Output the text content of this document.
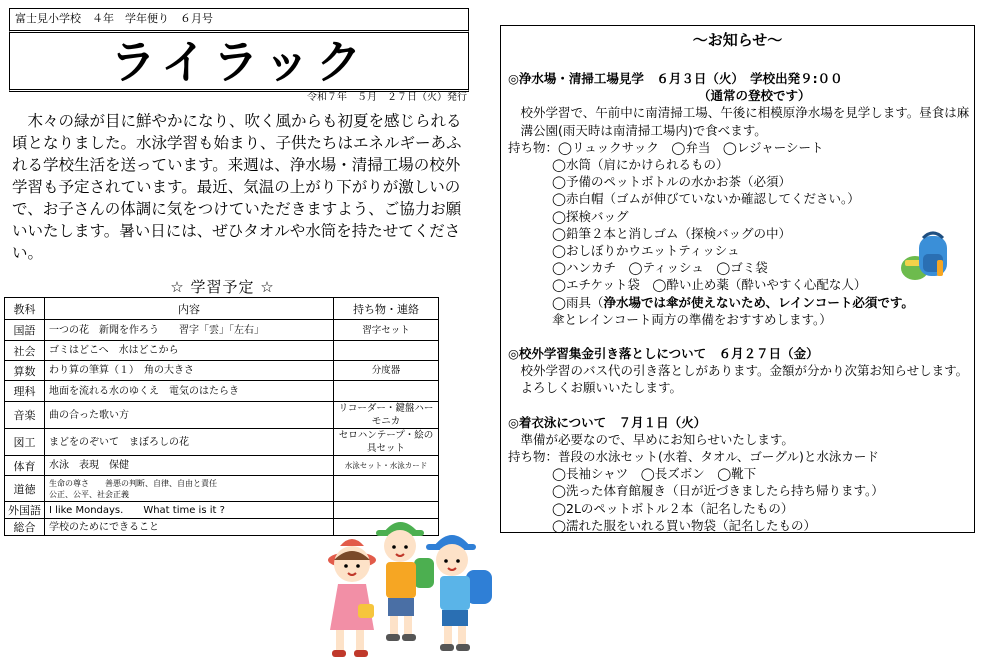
富士見小学校　４年　学年便り　６月号
ライラック
令和７年　５月　２７日（火）発行
木々の緑が目に鮮やかになり、吹く風からも初夏を感じられる頃となりました。水泳学習も始まり、子供たちはエネルギーあふれる学校生活を送っています。来週は、浄水場・清掃工場の校外学習も予定されています。最近、気温の上がり下がりが激しいので、お子さんの体調に気をつけていただきますよう、ご協力お願いいたします。暑い日には、ぜひタオルや水筒を持たせてください。
☆ 学習予定 ☆
教科	内容	持ち物・連絡
国語	一つの花　新聞を作ろう　　習字「雲」「左右」	習字セット
社会	ゴミはどこへ　水はどこから	
算数	わり算の筆算（１）　角の大きさ	分度器
理科	地面を流れる水のゆくえ　電気のはたらき	
音楽	曲の合った歌い方	リコーダー・鍵盤ハーモニカ
図工	まどをのぞいて　まぼろしの花	セロハンテープ・絵の具セット
体育	水泳　表現　保健	水泳セット・水泳カード
道徳	生命の尊さ　　善悪の判断、自律、自由と責任
公正、公平、社会正義	

外国語	I like Mondays.　　What time is it ?	
総合	学校のためにできること	
～お知らせ～
◎浄水場・清掃工場見学　６月３日（火）　学校出発９:００
（通常の登校です）
校外学習で、午前中に南清掃工場、午後に相模原浄水場を見学します。昼食は麻溝公園(雨天時は南清掃工場内)で食べます。
持ち物：◯リュックサック　◯弁当　◯レジャーシート
◯水筒（肩にかけられるもの）
◯予備のペットボトルの水かお茶（必須）
◯赤白帽（ゴムが伸びていないか確認してください。）
◯探検バッグ
◯鉛筆２本と消しゴム（探検バッグの中）
◯おしぼりかウエットティッシュ
◯ハンカチ　◯ティッシュ　◯ゴミ袋
◯エチケット袋　◯酔い止め薬（酔いやすく心配な人）
◯雨具（浄水場では傘が使えないため、レインコート必須です。
傘とレインコート両方の準備をおすすめします。）
◎校外学習集金引き落としについて　６月２７日（金）
校外学習のバス代の引き落としがあります。金額が分かり次第お知らせします。よろしくお願いいたします。
◎着衣泳について　７月１日（火）
準備が必要なので、早めにお知らせいたします。
持ち物：普段の水泳セット(水着、タオル、ゴーグル)と水泳カード
◯長袖シャツ　◯長ズボン　◯靴下
◯洗った体育館履き（日が近づきましたら持ち帰ります。）
◯2Lのペットボトル２本（記名したもの）
◯濡れた服をいれる買い物袋（記名したもの）
